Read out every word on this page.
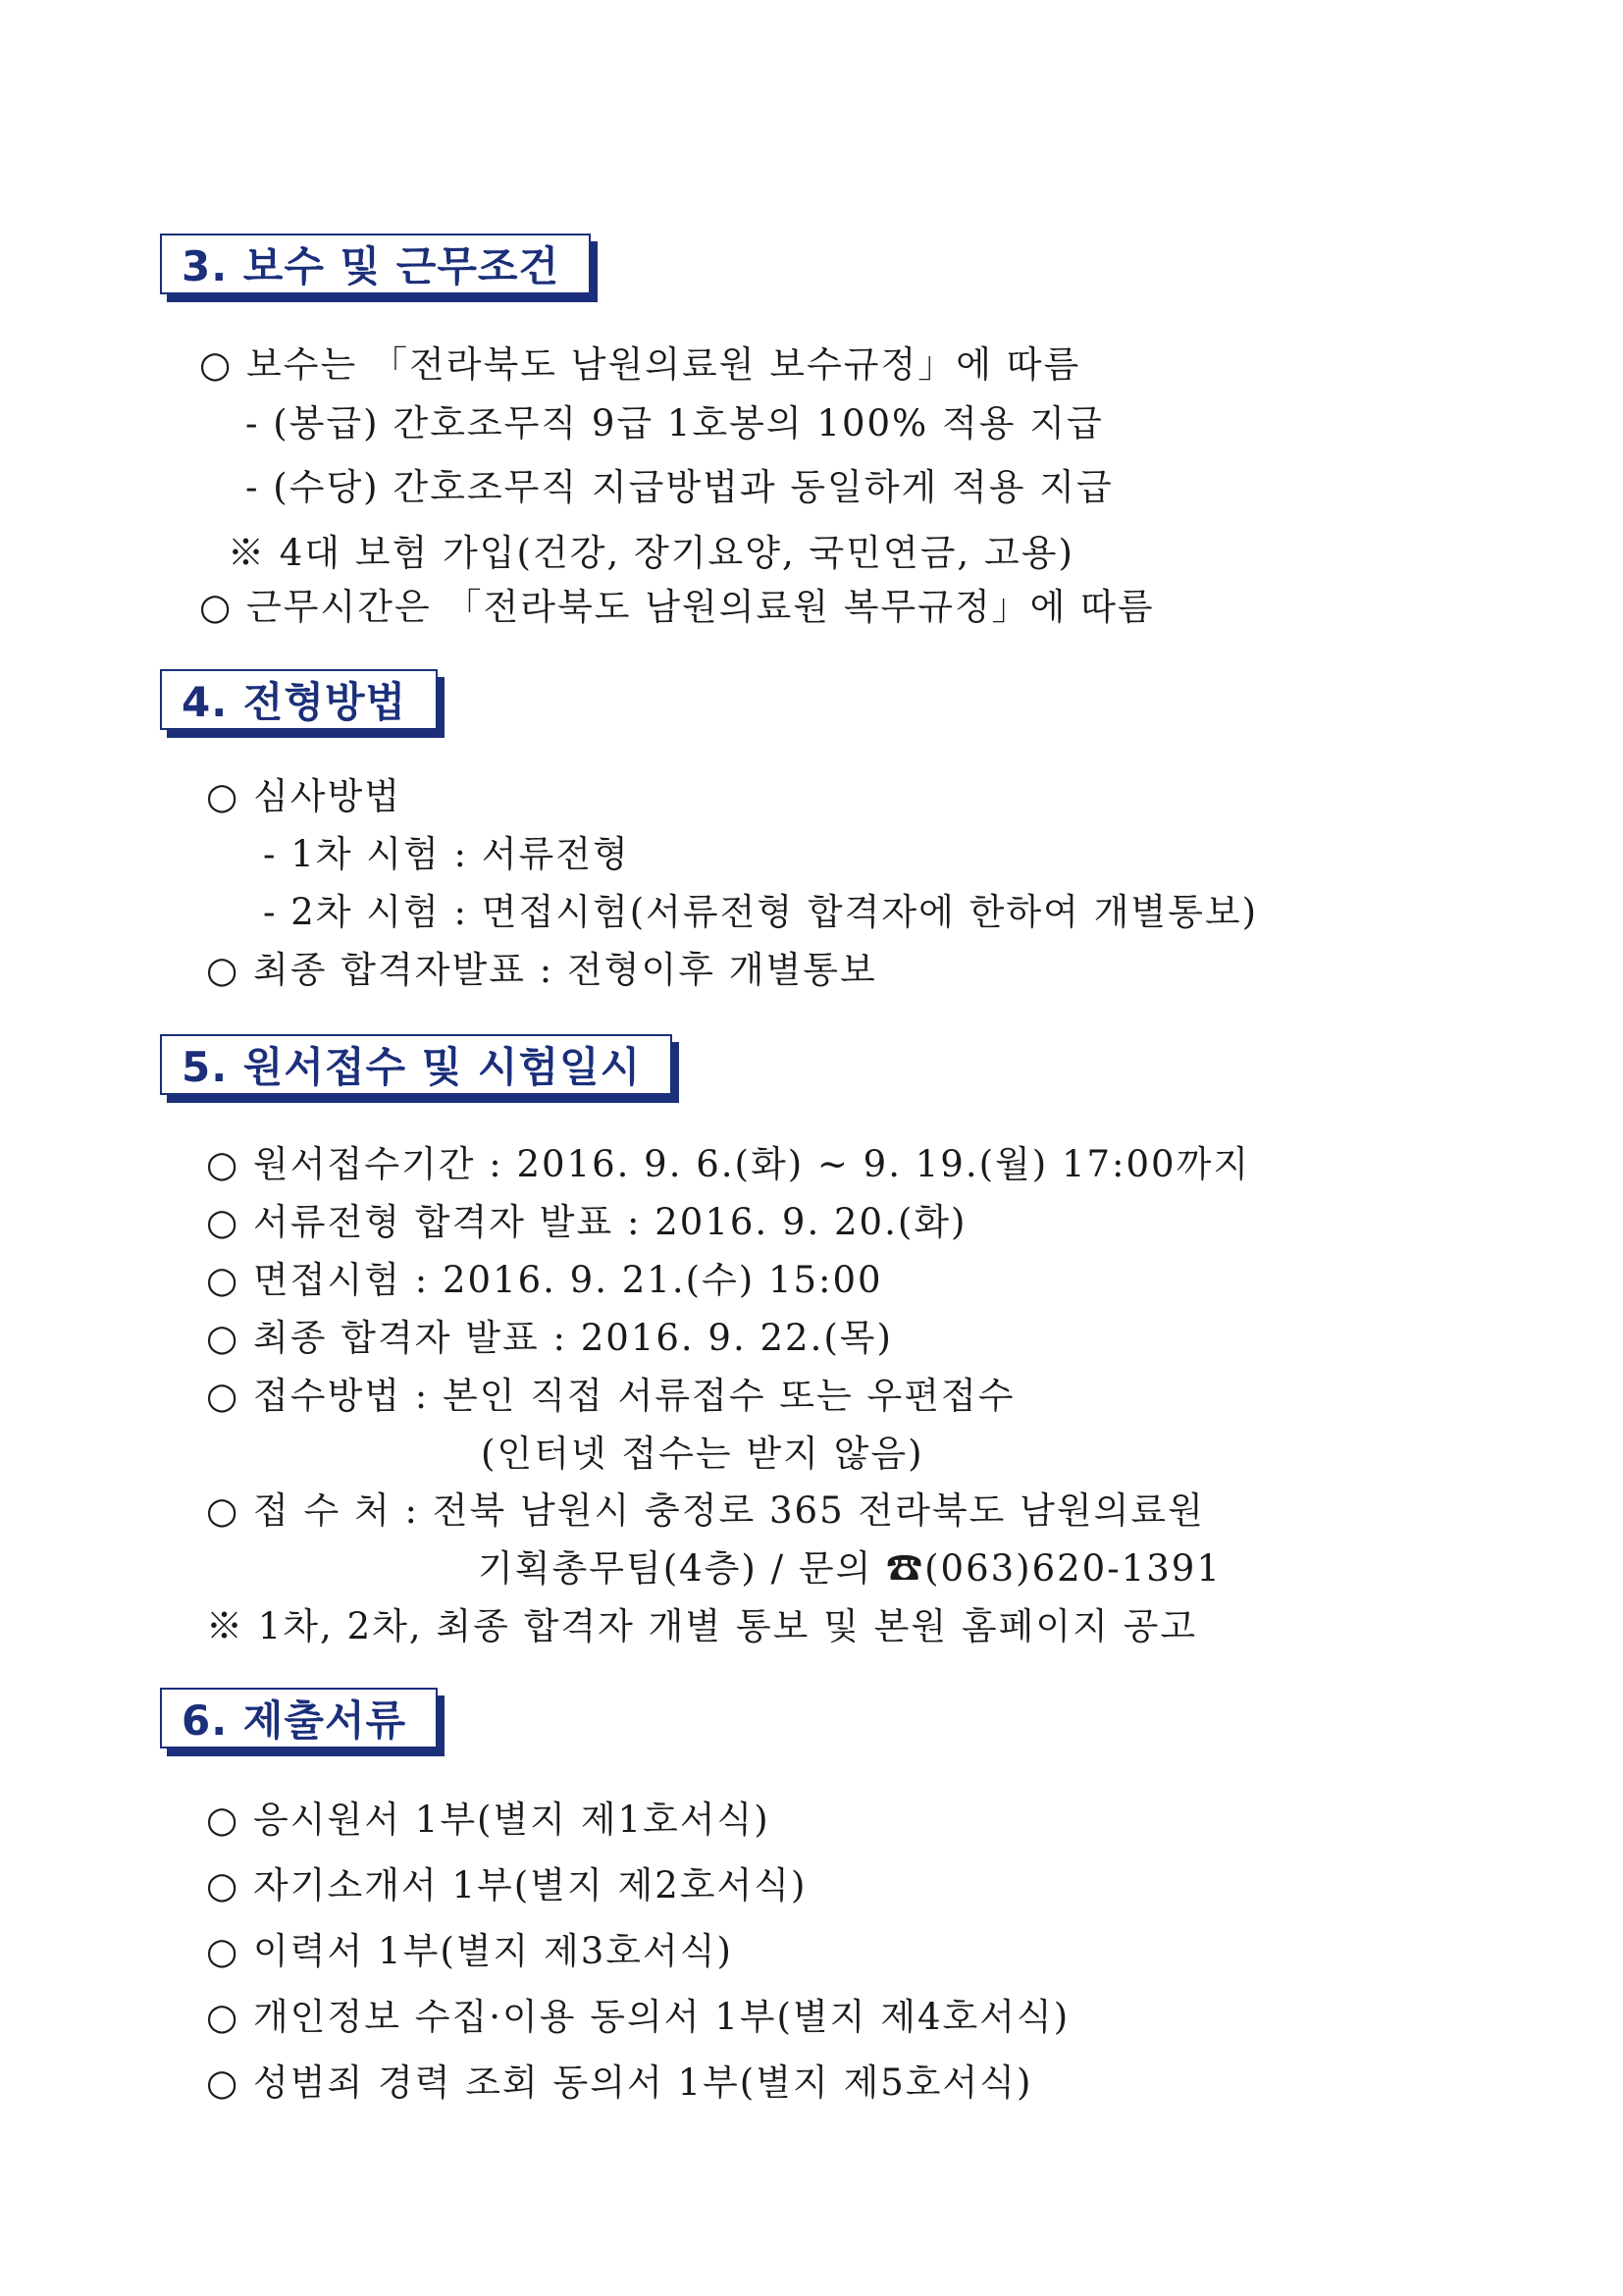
3. 보수 및 근무조건
○ 보수는 「전라북도 남원의료원 보수규정」에 따름
- (봉급) 간호조무직 9급 1호봉의 100% 적용 지급
- (수당) 간호조무직 지급방법과 동일하게 적용 지급
※ 4대 보험 가입(건강, 장기요양, 국민연금, 고용)
○ 근무시간은 「전라북도 남원의료원 복무규정」에 따름
4. 전형방법
○ 심사방법
- 1차 시험 : 서류전형
- 2차 시험 : 면접시험(서류전형 합격자에 한하여 개별통보)
○ 최종 합격자발표 : 전형이후 개별통보
5. 원서접수 및 시험일시
○ 원서접수기간 : 2016. 9. 6.(화) ~ 9. 19.(월) 17:00까지
○ 서류전형 합격자 발표 : 2016. 9. 20.(화)
○ 면접시험 : 2016. 9. 21.(수) 15:00
○ 최종 합격자 발표 : 2016. 9. 22.(목)
○ 접수방법 : 본인 직접 서류접수 또는 우편접수
(인터넷 접수는 받지 않음)
○ 접 수 처 : 전북 남원시 충정로 365 전라북도 남원의료원
기획총무팀(4층) / 문의 ☎(063)620-1391
※ 1차, 2차, 최종 합격자 개별 통보 및 본원 홈페이지 공고
6. 제출서류
○ 응시원서 1부(별지 제1호서식)
○ 자기소개서 1부(별지 제2호서식)
○ 이력서 1부(별지 제3호서식)
○ 개인정보 수집·이용 동의서 1부(별지 제4호서식)
○ 성범죄 경력 조회 동의서 1부(별지 제5호서식)
